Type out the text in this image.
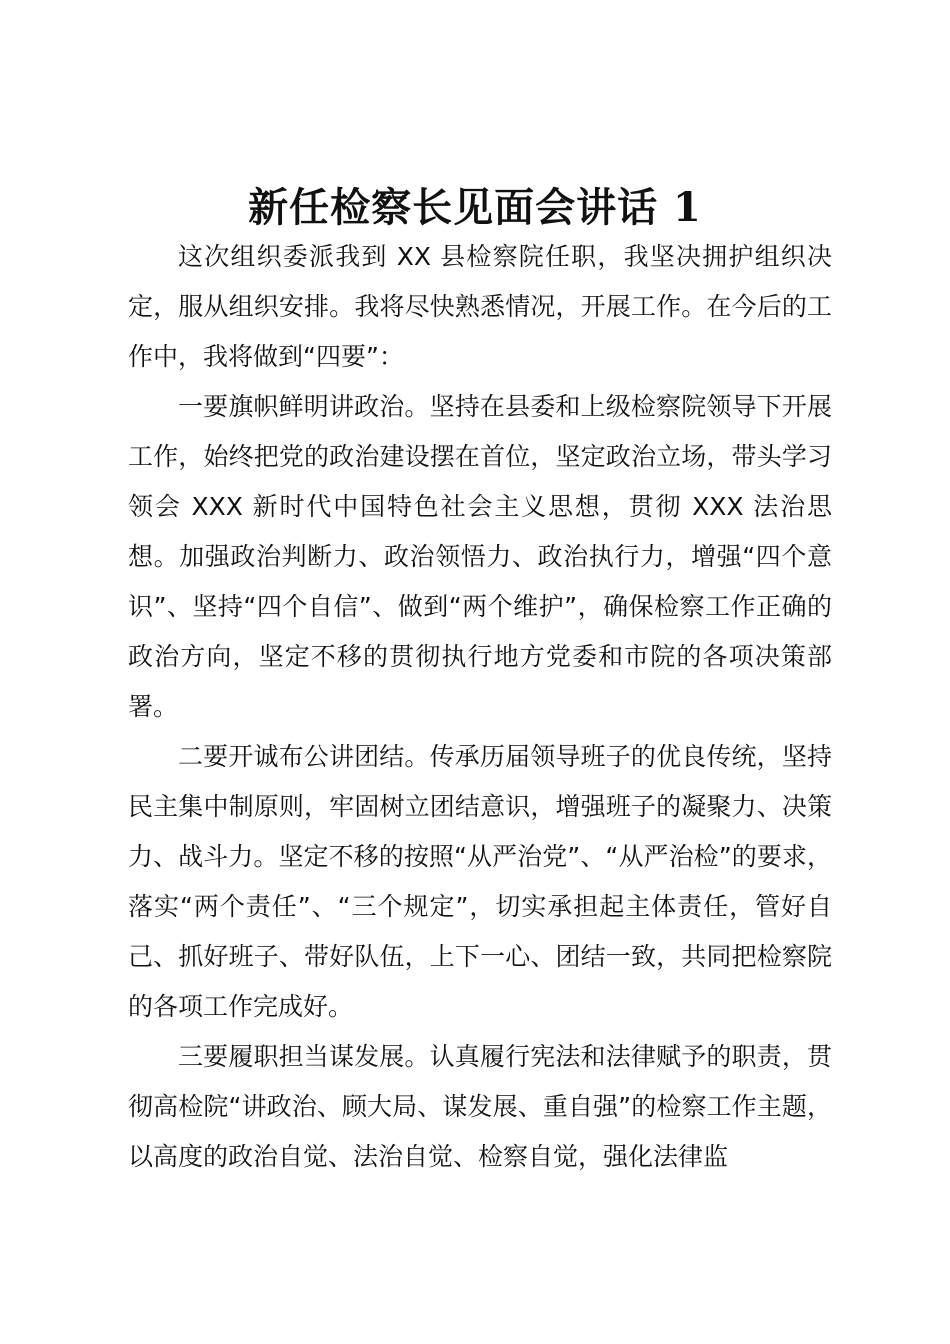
新任检察长见面会讲话 1

这次组织委派我到 XX 县检察院任职，我坚决拥护组织决定，服从组织安排。我将尽快熟悉情况，开展工作。在今后的工作中，我将做到“四要”：

一要旗帜鲜明讲政治。坚持在县委和上级检察院领导下开展工作，始终把党的政治建设摆在首位，坚定政治立场，带头学习领会 XXX 新时代中国特色社会主义思想，贯彻 XXX 法治思想。加强政治判断力、政治领悟力、政治执行力，增强“四个意识”、坚持“四个自信”、做到“两个维护”，确保检察工作正确的政治方向，坚定不移的贯彻执行地方党委和市院的各项决策部署。

二要开诚布公讲团结。传承历届领导班子的优良传统，坚持民主集中制原则，牢固树立团结意识，增强班子的凝聚力、决策力、战斗力。坚定不移的按照“从严治党”、“从严治检”的要求，落实“两个责任”、“三个规定”，切实承担起主体责任，管好自己、抓好班子、带好队伍，上下一心、团结一致，共同把检察院的各项工作完成好。

三要履职担当谋发展。认真履行宪法和法律赋予的职责，贯彻高检院“讲政治、顾大局、谋发展、重自强”的检察工作主题，以高度的政治自觉、法治自觉、检察自觉，强化法律监
